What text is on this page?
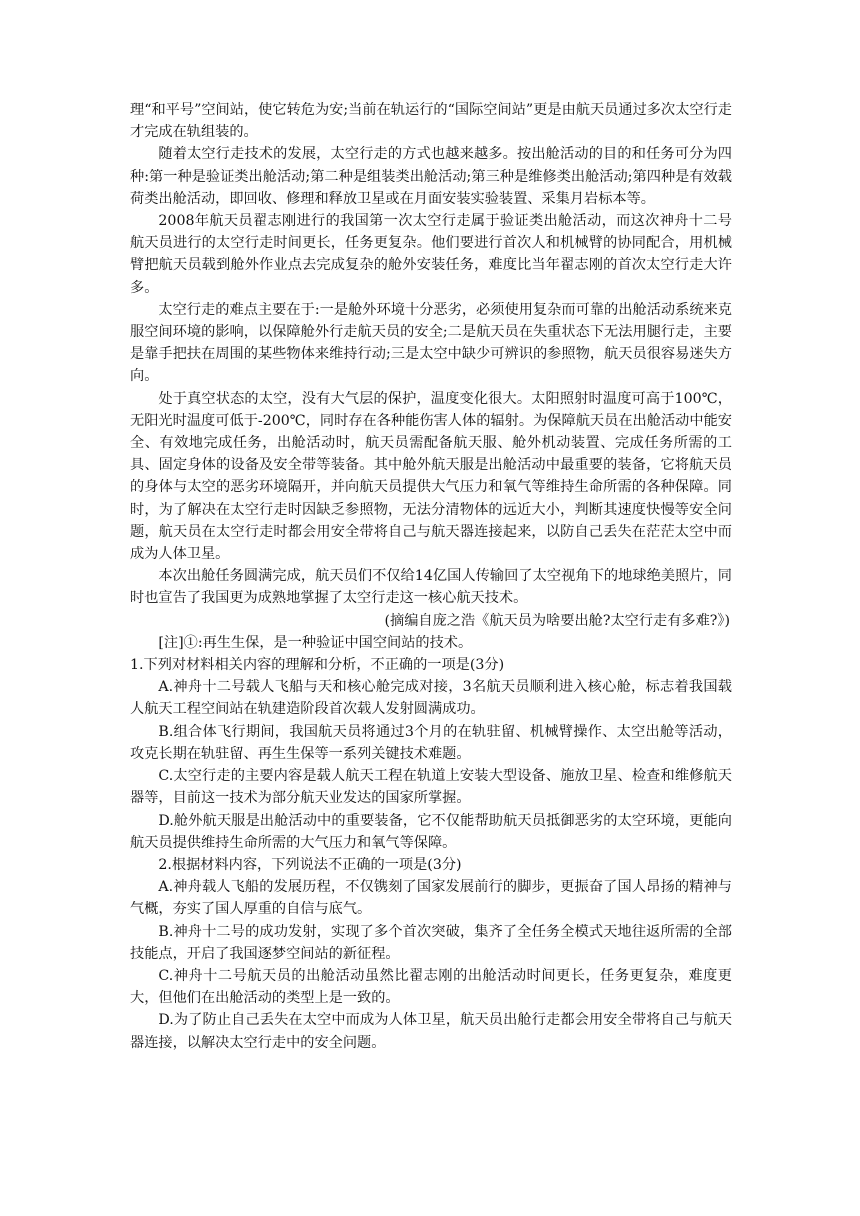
理“和平号”空间站，使它转危为安;当前在轨运行的“国际空间站”更是由航天员通过多次太空行走才完成在轨组装的。

随着太空行走技术的发展，太空行走的方式也越来越多。按出舱活动的目的和任务可分为四种:第一种是验证类出舱活动;第二种是组装类出舱活动;第三种是维修类出舱活动;第四种是有效载荷类出舱活动，即回收、修理和释放卫星或在月面安装实验装置、采集月岩标本等。

2008年航天员翟志刚进行的我国第一次太空行走属于验证类出舱活动，而这次神舟十二号航天员进行的太空行走时间更长，任务更复杂。他们要进行首次人和机械臂的协同配合，用机械臂把航天员载到舱外作业点去完成复杂的舱外安装任务，难度比当年翟志刚的首次太空行走大许多。

太空行走的难点主要在于:一是舱外环境十分恶劣，必须使用复杂而可靠的出舱活动系统来克服空间环境的影响，以保障舱外行走航天员的安全;二是航天员在失重状态下无法用腿行走，主要是靠手把扶在周围的某些物体来维持行动;三是太空中缺少可辨识的参照物，航天员很容易迷失方向。

处于真空状态的太空，没有大气层的保护，温度变化很大。太阳照射时温度可高于100℃，无阳光时温度可低于-200℃，同时存在各种能伤害人体的辐射。为保障航天员在出舱活动中能安全、有效地完成任务，出舱活动时，航天员需配备航天服、舱外机动装置、完成任务所需的工具、固定身体的设备及安全带等装备。其中舱外航天服是出舱活动中最重要的装备，它将航天员的身体与太空的恶劣环境隔开，并向航天员提供大气压力和氧气等维持生命所需的各种保障。同时，为了解决在太空行走时因缺乏参照物，无法分清物体的远近大小，判断其速度快慢等安全问题，航天员在太空行走时都会用安全带将自己与航天器连接起来，以防自己丢失在茫茫太空中而成为人体卫星。

本次出舱任务圆满完成，航天员们不仅给14亿国人传输回了太空视角下的地球绝美照片，同时也宣告了我国更为成熟地掌握了太空行走这一核心航天技术。

(摘编自庞之浩《航天员为啥要出舱?太空行走有多难?》)

[注]①:再生生保，是一种验证中国空间站的技术。

1.下列对材料相关内容的理解和分析，不正确的一项是(3分)

A.神舟十二号载人飞船与天和核心舱完成对接，3名航天员顺利进入核心舱，标志着我国载人航天工程空间站在轨建造阶段首次载人发射圆满成功。

B.组合体飞行期间，我国航天员将通过3个月的在轨驻留、机械臂操作、太空出舱等活动，攻克长期在轨驻留、再生生保等一系列关键技术难题。

C.太空行走的主要内容是载人航天工程在轨道上安装大型设备、施放卫星、检查和维修航天器等，目前这一技术为部分航天业发达的国家所掌握。

D.舱外航天服是出舱活动中的重要装备，它不仅能帮助航天员抵御恶劣的太空环境，更能向航天员提供维持生命所需的大气压力和氧气等保障。

2.根据材料内容，下列说法不正确的一项是(3分)

A.神舟载人飞船的发展历程，不仅镌刻了国家发展前行的脚步，更振奋了国人昂扬的精神与气概，夯实了国人厚重的自信与底气。

B.神舟十二号的成功发射，实现了多个首次突破，集齐了全任务全模式天地往返所需的全部技能点，开启了我国逐梦空间站的新征程。

C.神舟十二号航天员的出舱活动虽然比翟志刚的出舱活动时间更长，任务更复杂，难度更大，但他们在出舱活动的类型上是一致的。

D.为了防止自己丢失在太空中而成为人体卫星，航天员出舱行走都会用安全带将自己与航天器连接，以解决太空行走中的安全问题。
